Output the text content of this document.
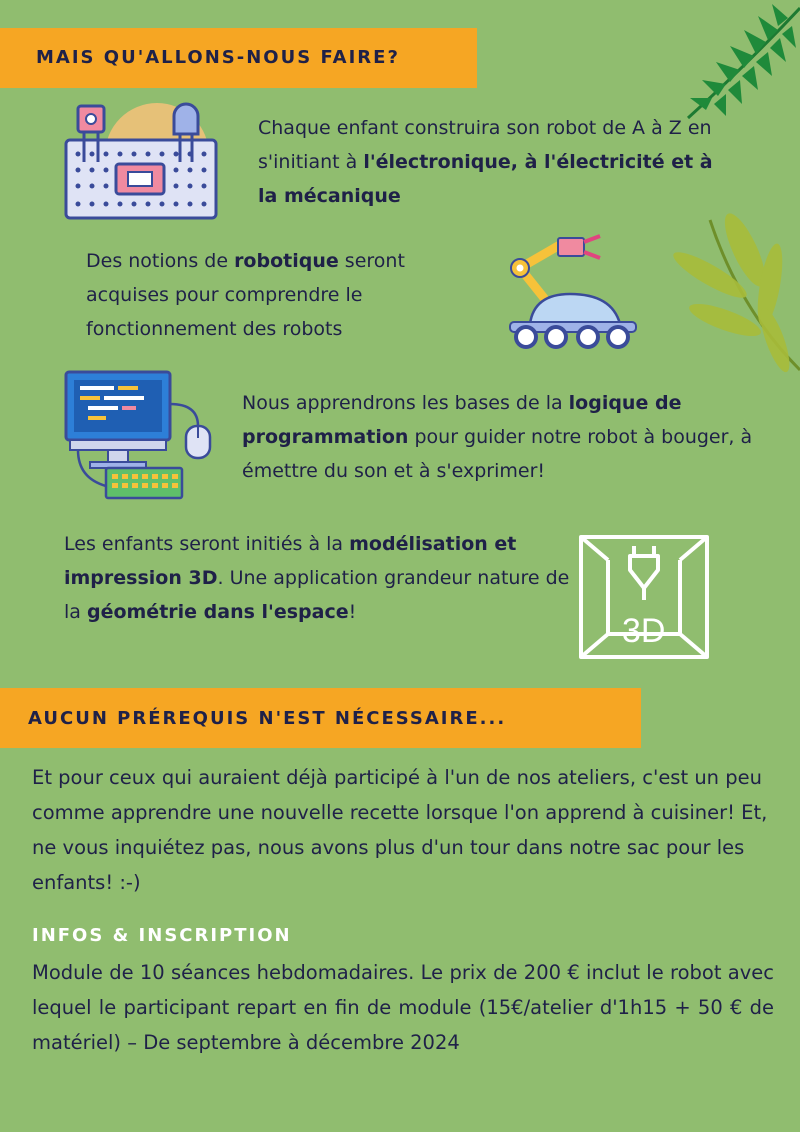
MAIS QU'ALLONS-NOUS FAIRE?
Chaque enfant construira son robot de A à Z en s'initiant à l'électronique, à l'électricité et à la mécanique
Des notions de robotique seront acquises pour comprendre le fonctionnement des robots
Nous apprendrons les bases de la logique de programmation pour guider notre robot à bouger, à émettre du son et à s'exprimer!
Les enfants seront initiés à la modélisation et impression 3D. Une application grandeur nature de la géométrie dans l'espace!	3D
AUCUN PRÉREQUIS N'EST NÉCESSAIRE...
Et pour ceux qui auraient déjà participé à l'un de nos ateliers, c'est un peu comme apprendre une nouvelle recette lorsque l'on apprend à cuisiner! Et, ne vous inquiétez pas, nous avons plus d'un tour dans notre sac pour les enfants! :-)
INFOS & INSCRIPTION
Module de 10 séances hebdomadaires. Le prix de 200 € inclut le robot avec lequel le participant repart en fin de module (15€/atelier d'1h15 + 50 € de matériel) – De septembre à décembre 2024
